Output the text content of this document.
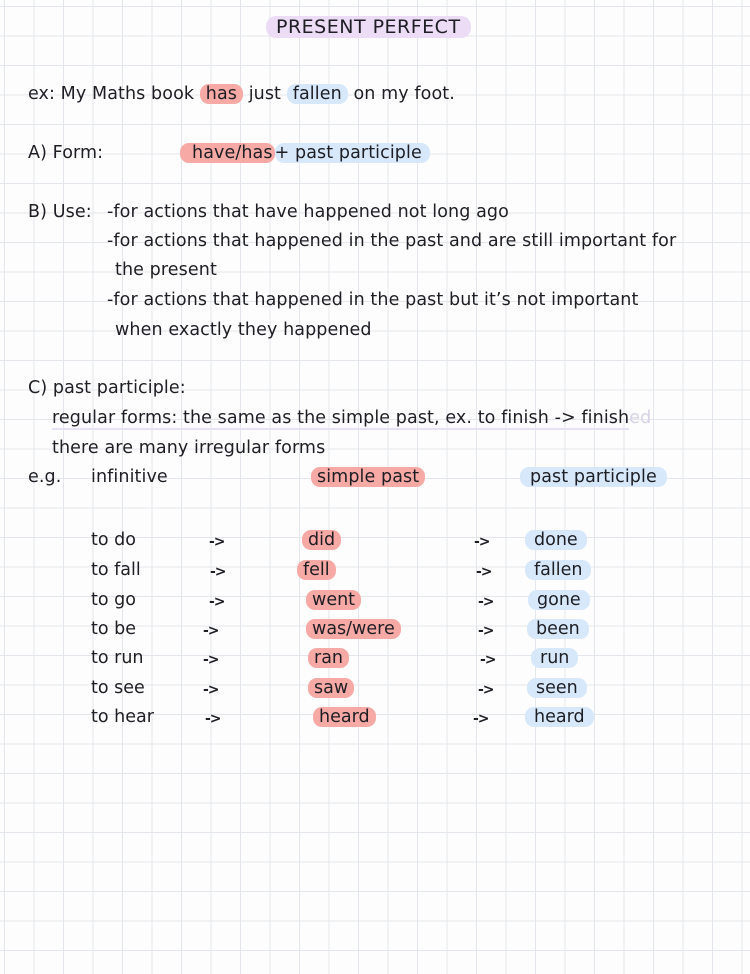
PRESENT PERFECT
ex: My Maths book has just fallen on my foot.
A) Form:	have/has + past participle
B) Use: -for actions that have happened not long ago
-for actions that happened in the past and are still important for
the present
-for actions that happened in the past but it’s not important
when exactly they happened
C) past participle:
regular forms: the same as the simple past, ex. to finish -> finished
there are many irregular forms
e.g. infinitive	simple past	past participle
to do	->	did	->	done
to fall	->	fell	->	fallen
to go	->	went	->	gone
to be	->	was/were	->	been
to run	->	ran	->	run
to see	->	saw	->	seen
to hear	->	heard	->	heard
